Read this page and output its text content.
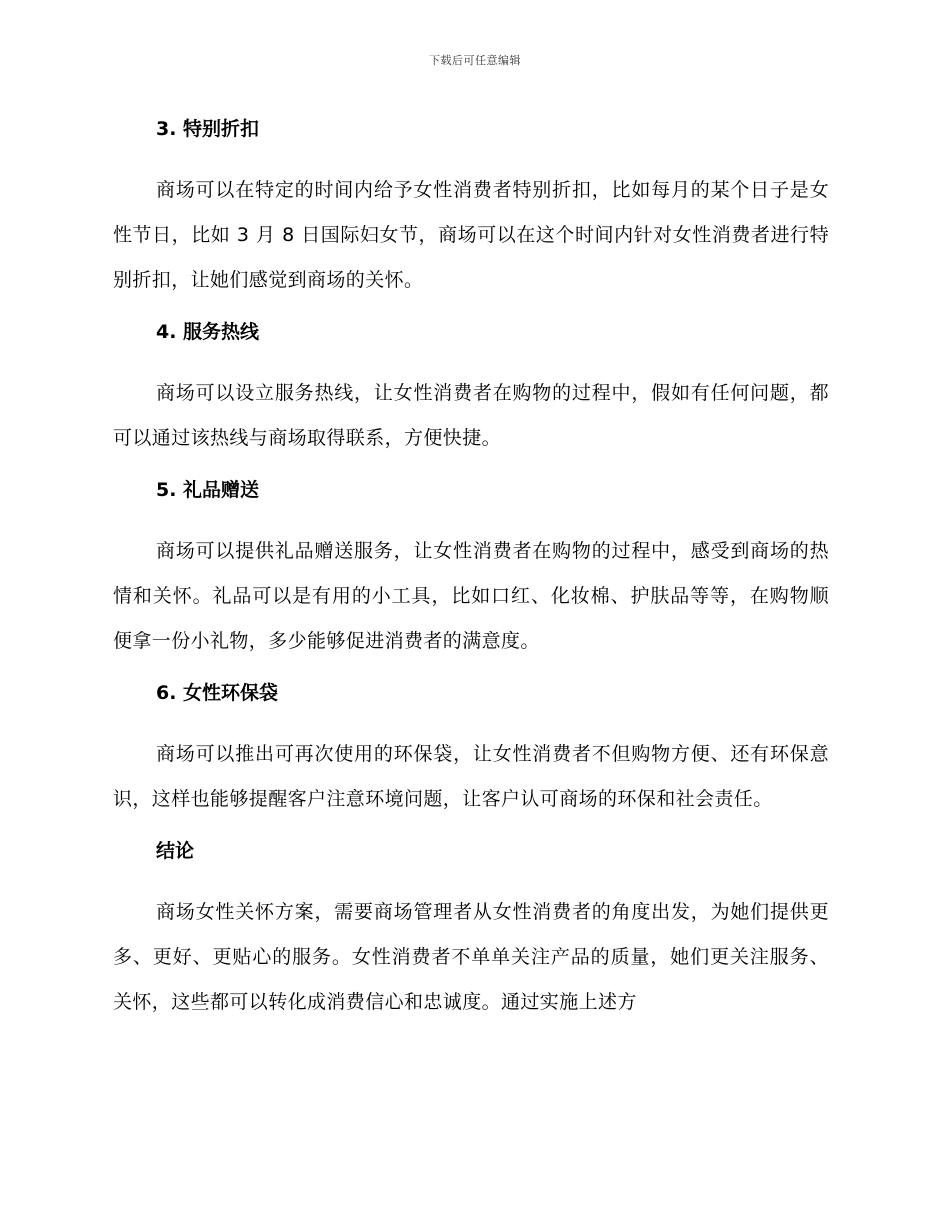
下载后可任意编辑
3. 特别折扣

商场可以在特定的时间内给予女性消费者特别折扣，比如每月的某个日子是女性节日，比如 3 月 8 日国际妇女节，商场可以在这个时间内针对女性消费者进行特别折扣，让她们感觉到商场的关怀。

4. 服务热线

商场可以设立服务热线，让女性消费者在购物的过程中，假如有任何问题，都可以通过该热线与商场取得联系，方便快捷。

5. 礼品赠送

商场可以提供礼品赠送服务，让女性消费者在购物的过程中，感受到商场的热情和关怀。礼品可以是有用的小工具，比如口红、化妆棉、护肤品等等，在购物顺便拿一份小礼物，多少能够促进消费者的满意度。

6. 女性环保袋

商场可以推出可再次使用的环保袋，让女性消费者不但购物方便、还有环保意识，这样也能够提醒客户注意环境问题，让客户认可商场的环保和社会责任。

结论

商场女性关怀方案，需要商场管理者从女性消费者的角度出发，为她们提供更多、更好、更贴心的服务。女性消费者不单单关注产品的质量，她们更关注服务、关怀，这些都可以转化成消费信心和忠诚度。通过实施上述方
